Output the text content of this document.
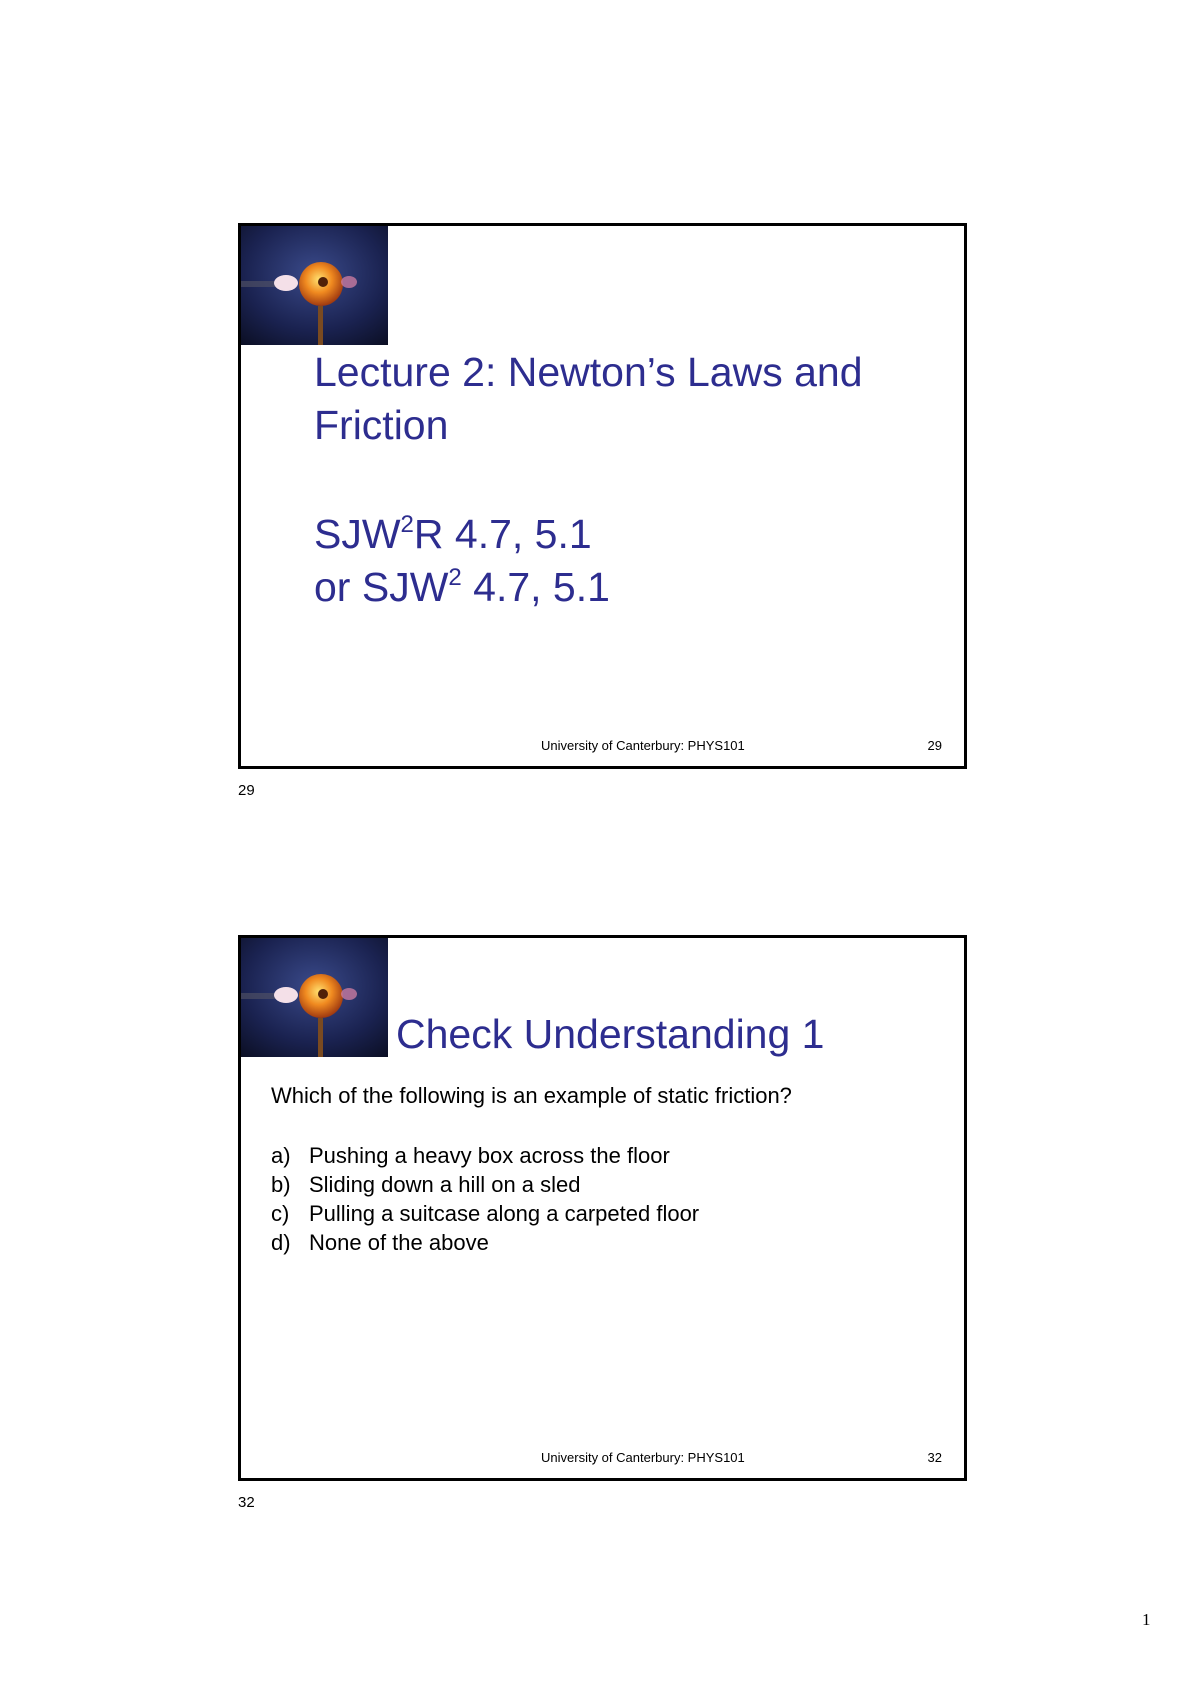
Lecture 2: Newton’s Laws and Friction
SJW$^2$R 4.7, 5.1
or SJW$^2$ 4.7, 5.1
University of Canterbury: PHYS101	29
29
Check Understanding 1
Which of the following is an example of static friction?
a) Pushing a heavy box across the floor
b) Sliding down a hill on a sled
c) Pulling a suitcase along a carpeted floor
d) None of the above
University of Canterbury: PHYS101	32
32
1
